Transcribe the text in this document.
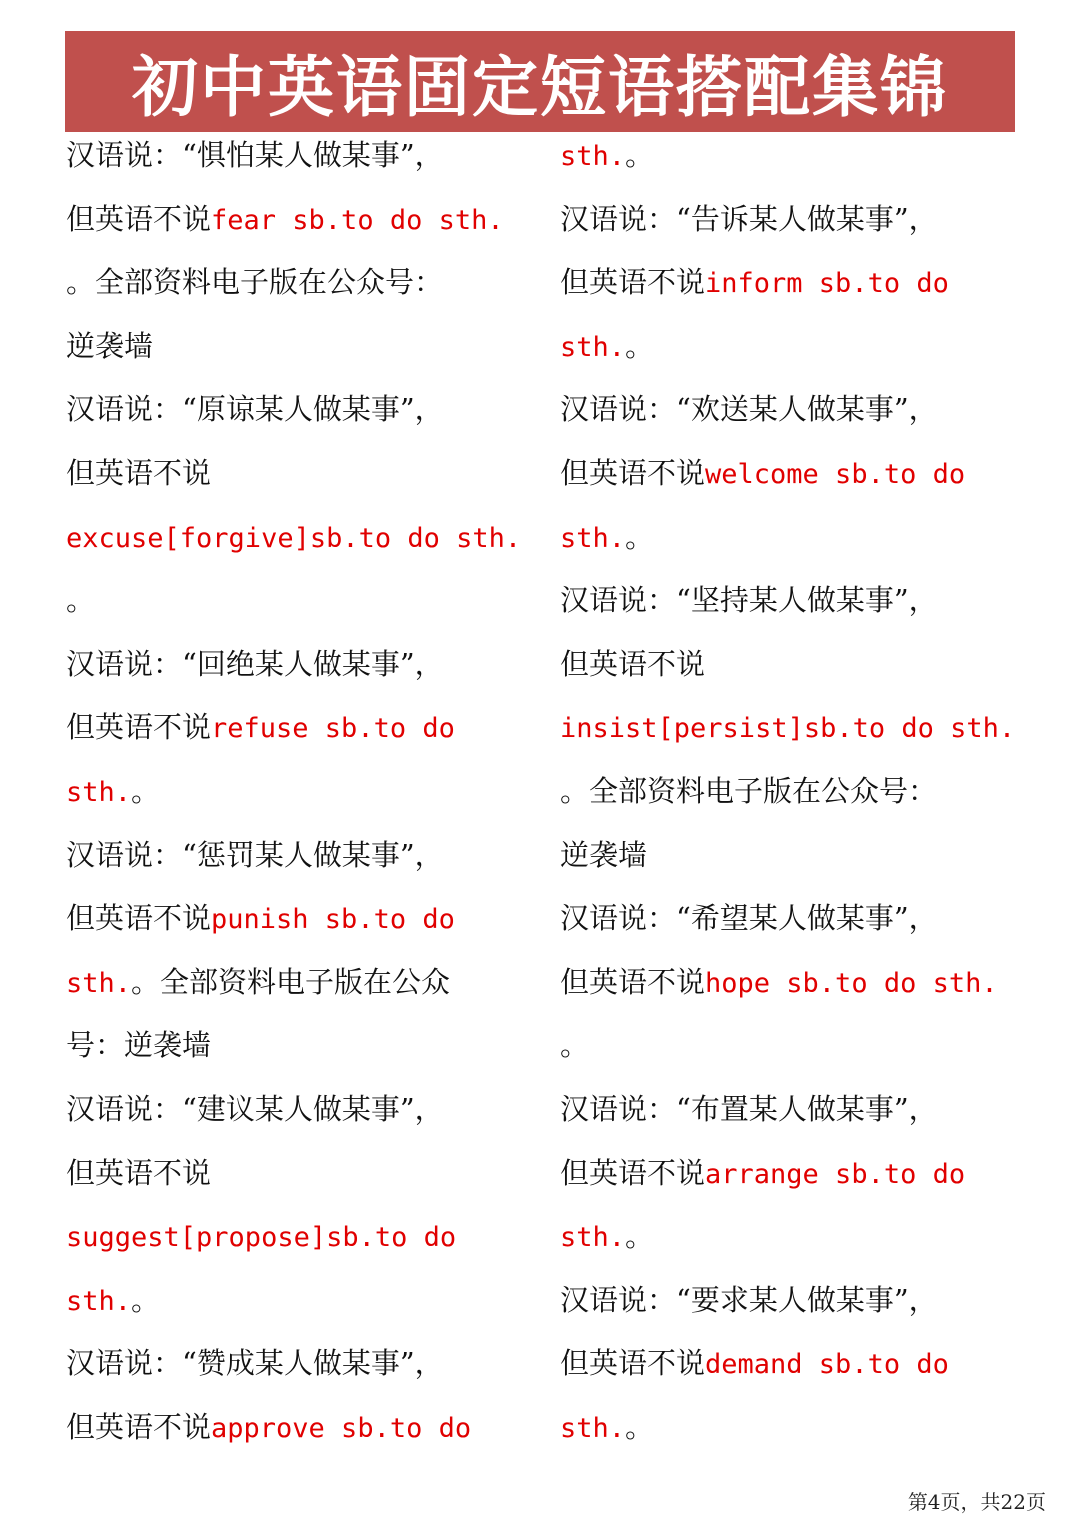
初中英语固定短语搭配集锦
汉语说：“惧怕某人做某事”，
但英语不说fear sb.to do sth.
。全部资料电子版在公众号：
逆袭墙
汉语说：“原谅某人做某事”，
但英语不说
excuse[forgive]sb.to do sth.
。
汉语说：“回绝某人做某事”，
但英语不说refuse sb.to do
sth.。
汉语说：“惩罚某人做某事”，
但英语不说punish sb.to do
sth.。全部资料电子版在公众
号：逆袭墙
汉语说：“建议某人做某事”，
但英语不说
suggest[propose]sb.to do
sth.。
汉语说：“赞成某人做某事”，
但英语不说approve sb.to do
sth.。
汉语说：“告诉某人做某事”，
但英语不说inform sb.to do
sth.。
汉语说：“欢送某人做某事”，
但英语不说welcome sb.to do
sth.。
汉语说：“坚持某人做某事”，
但英语不说
insist[persist]sb.to do sth.
。全部资料电子版在公众号：
逆袭墙
汉语说：“希望某人做某事”，
但英语不说hope sb.to do sth.
。
汉语说：“布置某人做某事”，
但英语不说arrange sb.to do
sth.。
汉语说：“要求某人做某事”，
但英语不说demand sb.to do
sth.。
第4页，共22页
